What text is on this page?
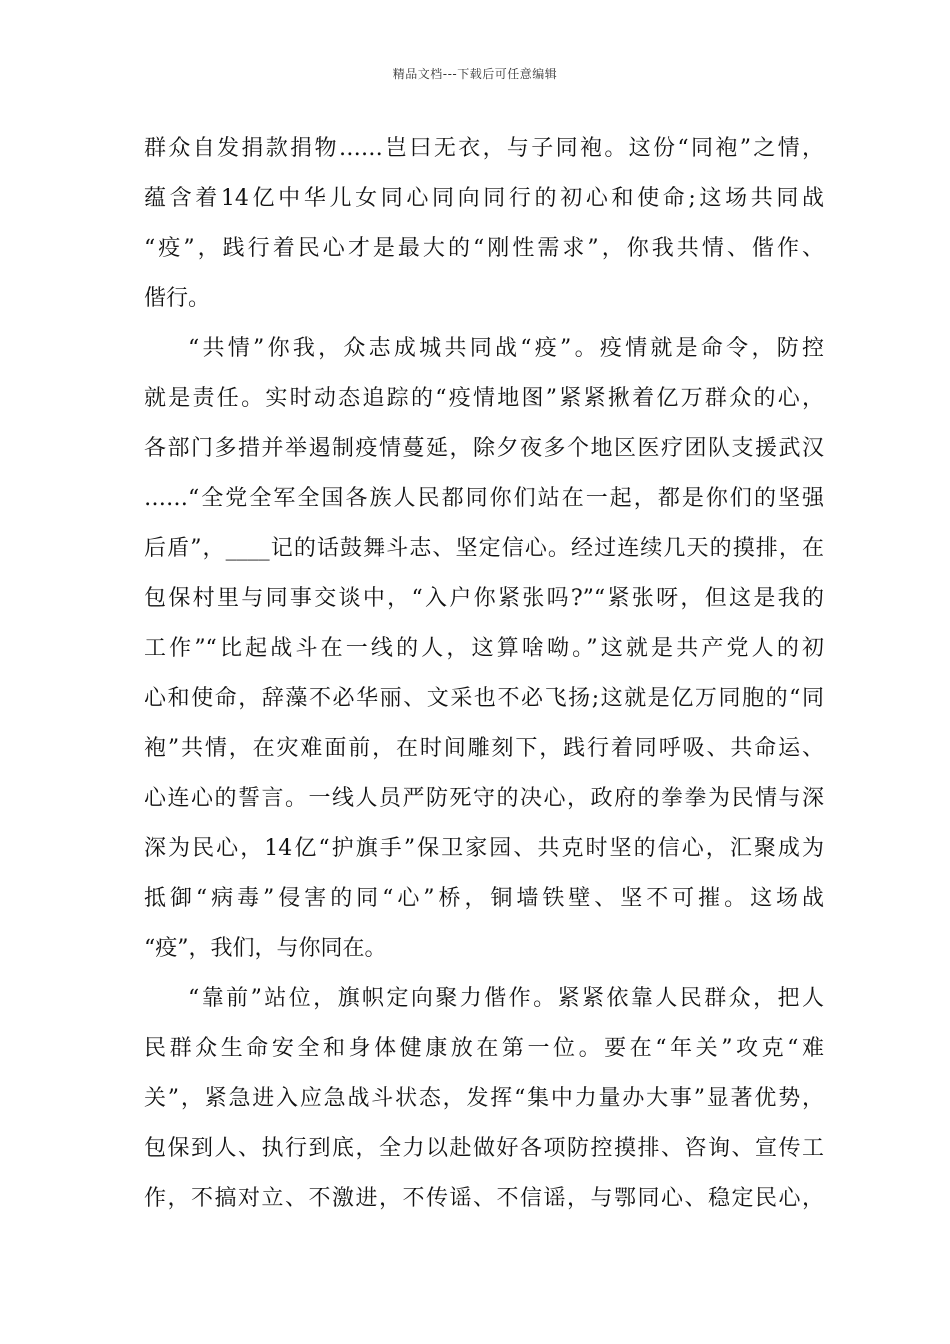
精品文档---下载后可任意编辑
群众自发捐款捐物……岂曰无衣，与子同袍。这份“同袍”之情，
蕴含着14亿中华儿女同心同向同行的初心和使命;这场共同战
“疫”，践行着民心才是最大的“刚性需求”，你我共情、偕作、
偕行。
“共情”你我，众志成城共同战“疫”。疫情就是命令，防控
就是责任。实时动态追踪的“疫情地图”紧紧揪着亿万群众的心，
各部门多措并举遏制疫情蔓延，除夕夜多个地区医疗团队支援武汉
……“全党全军全国各族人民都同你们站在一起，都是你们的坚强
后盾”，____记的话鼓舞斗志、坚定信心。经过连续几天的摸排，在
包保村里与同事交谈中，“入户你紧张吗?”“紧张呀，但这是我的
工作”“比起战斗在一线的人，这算啥呦。”这就是共产党人的初
心和使命，辞藻不必华丽、文采也不必飞扬;这就是亿万同胞的“同
袍”共情，在灾难面前，在时间雕刻下，践行着同呼吸、共命运、
心连心的誓言。一线人员严防死守的决心，政府的拳拳为民情与深
深为民心，14亿“护旗手”保卫家园、共克时坚的信心，汇聚成为
抵御“病毒”侵害的同“心”桥，铜墙铁壁、坚不可摧。这场战
“疫”，我们，与你同在。
“靠前”站位，旗帜定向聚力偕作。紧紧依靠人民群众，把人
民群众生命安全和身体健康放在第一位。要在“年关”攻克“难
关”，紧急进入应急战斗状态，发挥“集中力量办大事”显著优势，
包保到人、执行到底，全力以赴做好各项防控摸排、咨询、宣传工
作，不搞对立、不激进，不传谣、不信谣，与鄂同心、稳定民心，
